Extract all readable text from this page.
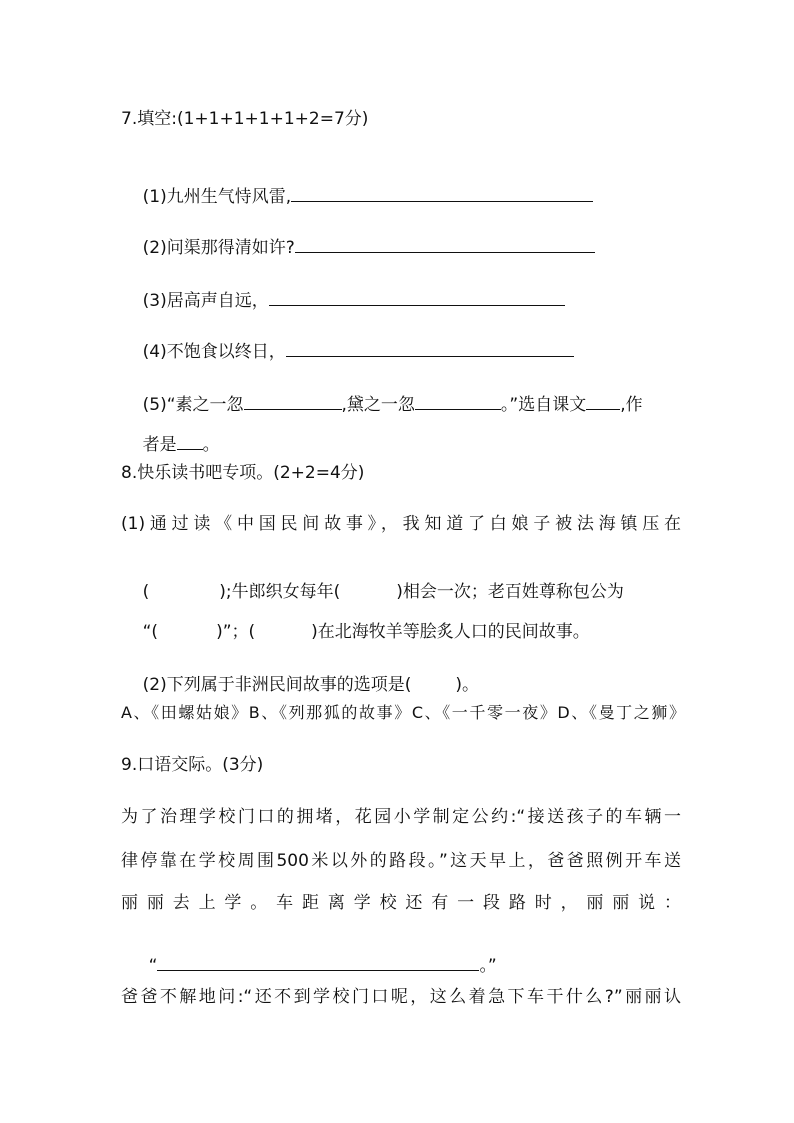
7.填空:(1+1+1+1+1+2=7分)

(1)九州生气恃风雷,

(2)问渠那得清如许?

(3)居高声自远，

(4)不饱食以终日，

(5)“素之一忽	,黛之一忽	。”选自课文 ,作

者是 。

8.快乐读书吧专项。(2+2=4分)
(1)通过读《中国民间故事》，我知道了白娘子被法海镇压在

(	);牛郎织女每年(	)相会一次；老百姓尊称包公为

“(	)”；(	)在北海牧羊等脍炙人口的民间故事。

(2)下列属于非洲民间故事的选项是(	)。

A、《田螺姑娘》B、《列那狐的故事》C、《一千零一夜》D、《曼丁之狮》
9.口语交际。(3分)
为了治理学校门口的拥堵，花园小学制定公约:“接送孩子的车辆一
律停靠在学校周围500米以外的路段。”这天早上，爸爸照例开车送
丽丽去上学。车距离学校还有一段路时，丽丽说：

“	。”

爸爸不解地问:“还不到学校门口呢，这么着急下车干什么?”丽丽认
